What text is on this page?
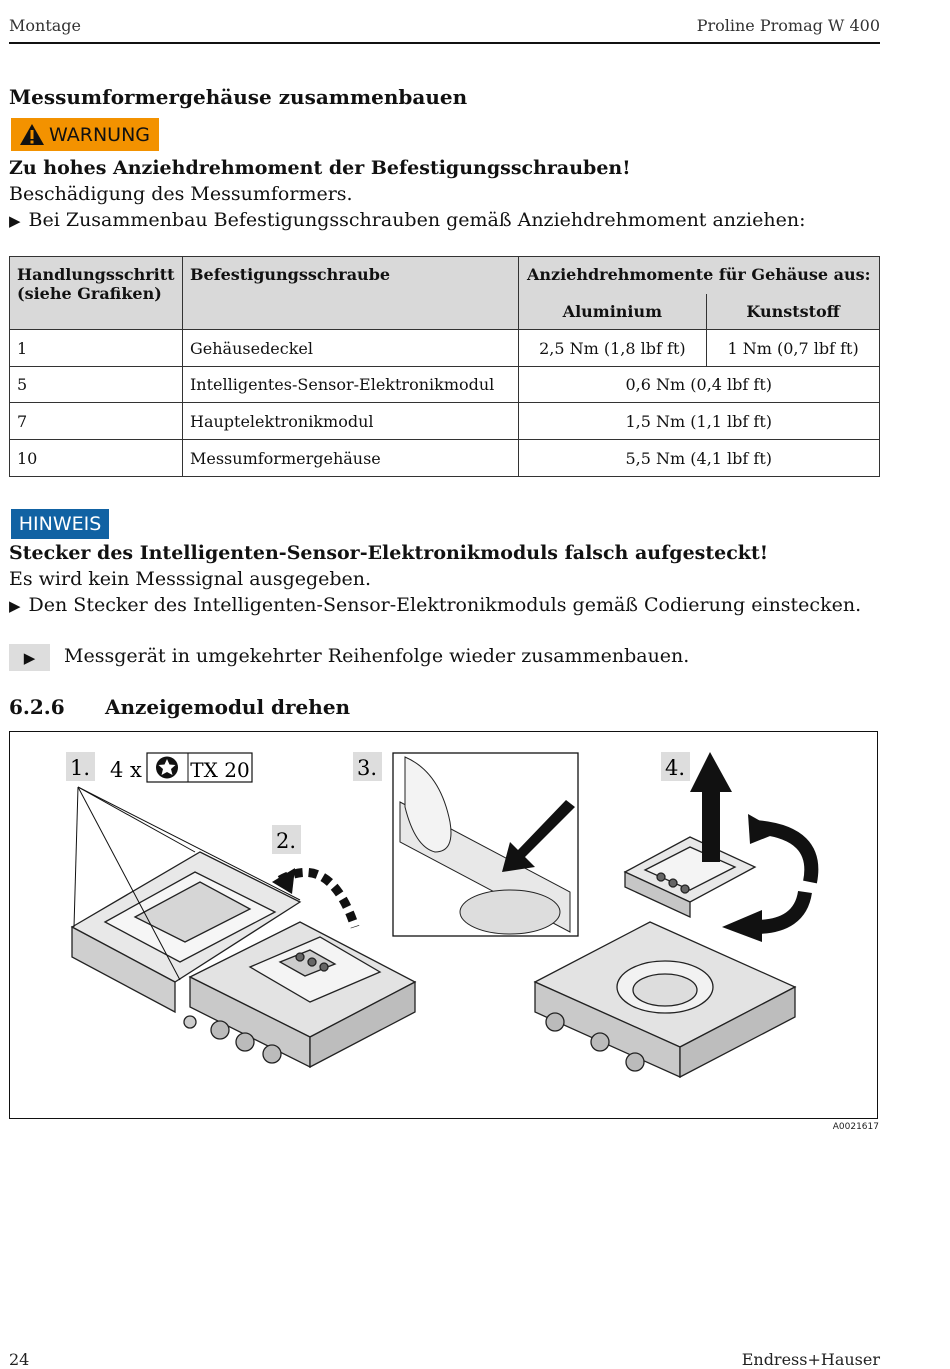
Montage	Proline Promag W 400
Messumformergehäuse zusammenbauen
WARNUNG
Zu hohes Anziehdrehmoment der Befestigungsschrauben!
Beschädigung des Messumformers.
▶ Bei Zusammenbau Befestigungsschrauben gemäß Anziehdrehmoment anziehen:
Handlungsschritt
(siehe Grafiken)	Befestigungsschraube	Anziehdrehmomente für Gehäuse aus:	
		Aluminium	Kunststoff
1	Gehäusedeckel	2,5 Nm (1,8 lbf ft)	1 Nm (0,7 lbf ft)
5	Intelligentes-Sensor-Elektronikmodul	0,6 Nm (0,4 lbf ft)	
7	Hauptelektronikmodul	1,5 Nm (1,1 lbf ft)	
10	Messumformergehäuse	5,5 Nm (4,1 lbf ft)	
HINWEIS
Stecker des Intelligenten-Sensor-Elektronikmoduls falsch aufgesteckt!
Es wird kein Messsignal ausgegeben.
▶ Den Stecker des Intelligenten-Sensor-Elektronikmoduls gemäß Codierung einstecken.
▶ Messgerät in umgekehrter Reihenfolge wieder zusammenbauen.
6.2.6 Anzeigemodul drehen
1. 4 x TX 20
2.
3.	4.
A0021617
24	Endress+Hauser
